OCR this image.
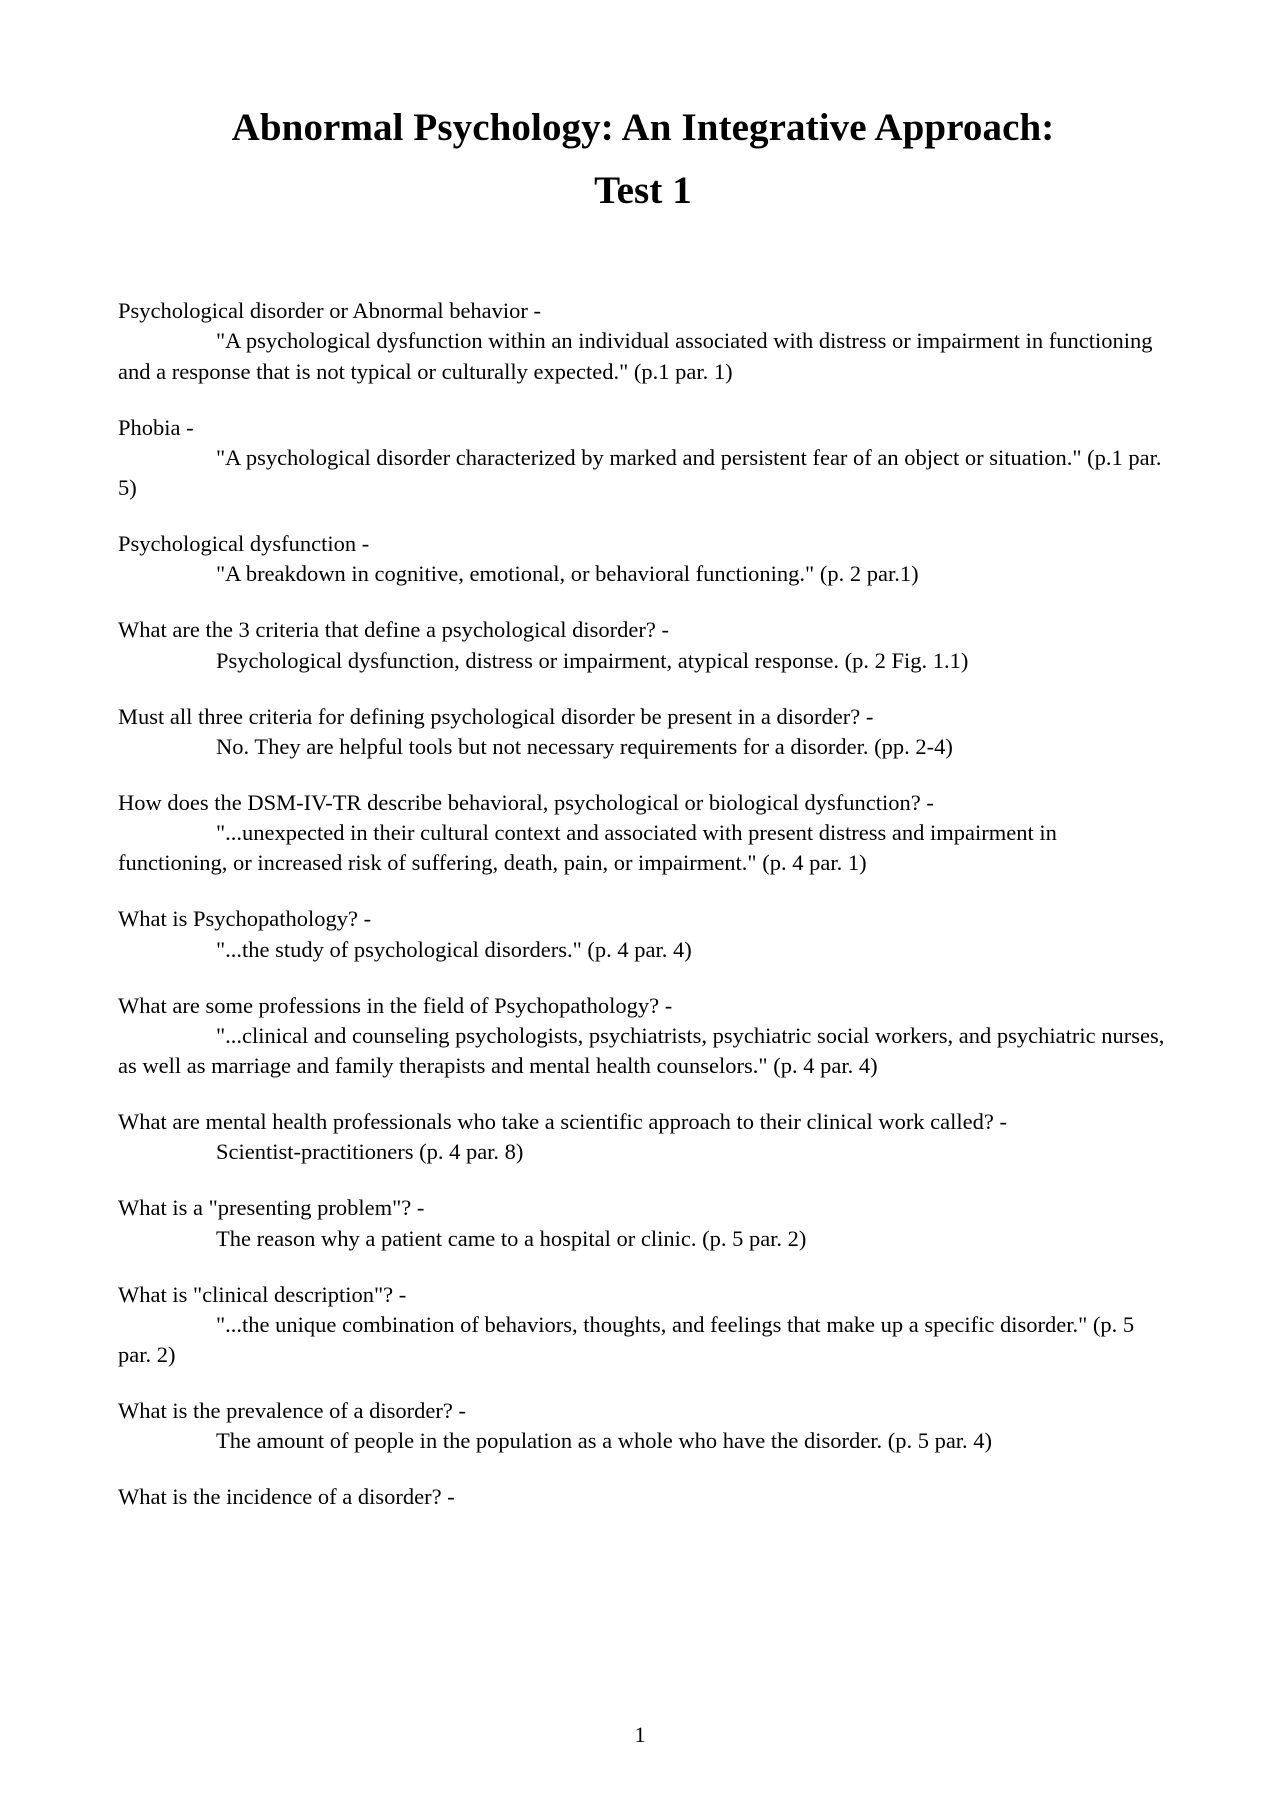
Abnormal Psychology: An Integrative Approach: Test 1

Psychological disorder or Abnormal behavior -

"A psychological dysfunction within an individual associated with distress or impairment in functioning and a response that is not typical or culturally expected." (p.1 par. 1)

Phobia -

"A psychological disorder characterized by marked and persistent fear of an object or situation." (p.1 par. 5)

Psychological dysfunction -

"A breakdown in cognitive, emotional, or behavioral functioning." (p. 2 par.1)

What are the 3 criteria that define a psychological disorder? -

Psychological dysfunction, distress or impairment, atypical response. (p. 2 Fig. 1.1)

Must all three criteria for defining psychological disorder be present in a disorder? -

No. They are helpful tools but not necessary requirements for a disorder. (pp. 2-4)

How does the DSM-IV-TR describe behavioral, psychological or biological dysfunction? -

"...unexpected in their cultural context and associated with present distress and impairment in functioning, or increased risk of suffering, death, pain, or impairment." (p. 4 par. 1)

What is Psychopathology? -

"...the study of psychological disorders." (p. 4 par. 4)

What are some professions in the field of Psychopathology? -

"...clinical and counseling psychologists, psychiatrists, psychiatric social workers, and psychiatric nurses, as well as marriage and family therapists and mental health counselors." (p. 4 par. 4)

What are mental health professionals who take a scientific approach to their clinical work called? -

Scientist-practitioners (p. 4 par. 8)

What is a "presenting problem"? -

The reason why a patient came to a hospital or clinic. (p. 5 par. 2)

What is "clinical description"? -

"...the unique combination of behaviors, thoughts, and feelings that make up a specific disorder." (p. 5 par. 2)

What is the prevalence of a disorder? -

The amount of people in the population as a whole who have the disorder. (p. 5 par. 4)

What is the incidence of a disorder? -

1
